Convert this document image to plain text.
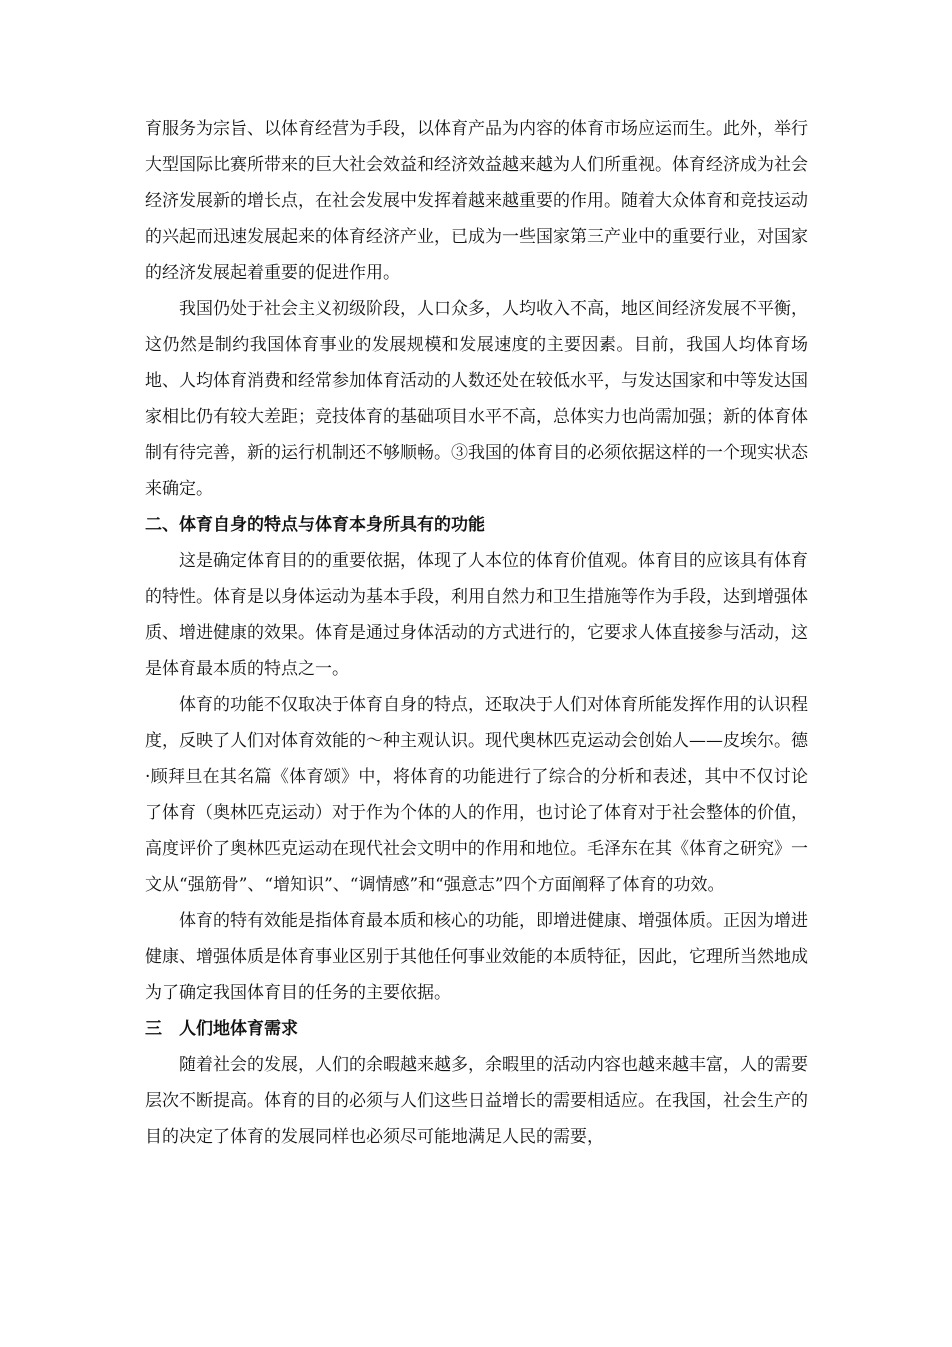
育服务为宗旨、以体育经营为手段，以体育产品为内容的体育市场应运而生。此外，举行大型国际比赛所带来的巨大社会效益和经济效益越来越为人们所重视。体育经济成为社会经济发展新的增长点，在社会发展中发挥着越来越重要的作用。随着大众体育和竞技运动的兴起而迅速发展起来的体育经济产业，已成为一些国家第三产业中的重要行业，对国家的经济发展起着重要的促进作用。

我国仍处于社会主义初级阶段，人口众多，人均收入不高，地区间经济发展不平衡，这仍然是制约我国体育事业的发展规模和发展速度的主要因素。目前，我国人均体育场地、人均体育消费和经常参加体育活动的人数还处在较低水平，与发达国家和中等发达国家相比仍有较大差距；竞技体育的基础项目水平不高，总体实力也尚需加强；新的体育体制有待完善，新的运行机制还不够顺畅。③我国的体育目的必须依据这样的一个现实状态来确定。

二、体育自身的特点与体育本身所具有的功能

这是确定体育目的的重要依据，体现了人本位的体育价值观。体育目的应该具有体育的特性。体育是以身体运动为基本手段，利用自然力和卫生措施等作为手段，达到增强体质、增进健康的效果。体育是通过身体活动的方式进行的，它要求人体直接参与活动，这是体育最本质的特点之一。

体育的功能不仅取决于体育自身的特点，还取决于人们对体育所能发挥作用的认识程度，反映了人们对体育效能的～种主观认识。现代奥林匹克运动会创始人——皮埃尔。德·顾拜旦在其名篇《体育颂》中，将体育的功能进行了综合的分析和表述，其中不仅讨论了体育（奥林匹克运动）对于作为个体的人的作用，也讨论了体育对于社会整体的价值，高度评价了奥林匹克运动在现代社会文明中的作用和地位。毛泽东在其《体育之研究》一文从“强筋骨”、“增知识”、“调情感”和“强意志”四个方面阐释了体育的功效。

体育的特有效能是指体育最本质和核心的功能，即增进健康、增强体质。正因为增进健康、增强体质是体育事业区别于其他任何事业效能的本质特征，因此，它理所当然地成为了确定我国体育目的任务的主要依据。

三　人们地体育需求

随着社会的发展，人们的余暇越来越多，余暇里的活动内容也越来越丰富，人的需要层次不断提高。体育的目的必须与人们这些日益增长的需要相适应。在我国，社会生产的目的决定了体育的发展同样也必须尽可能地满足人民的需要，
